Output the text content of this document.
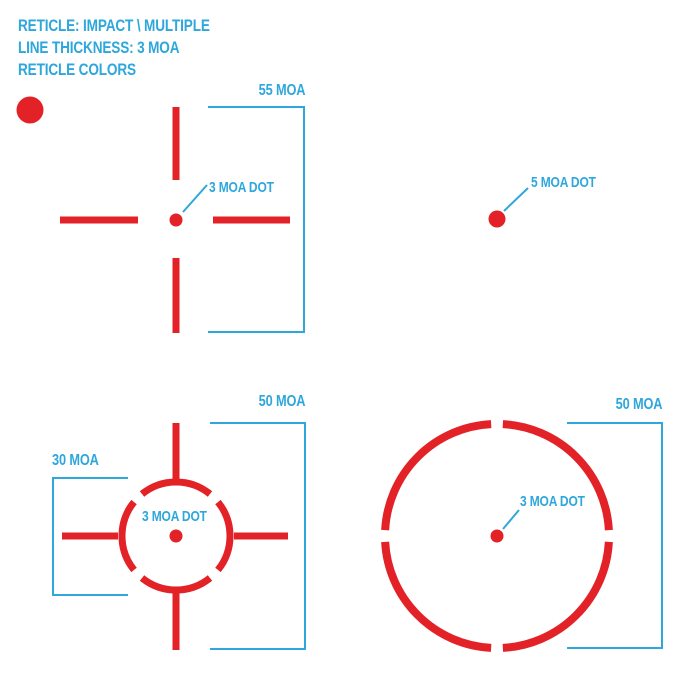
RETICLE: IMPACT \ MULTIPLE
LINE THICKNESS: 3 MOA
RETICLE COLORS
55 MOA
3 MOA DOT	5 MOA DOT
50 MOA
30 MOA
3 MOA DOT
50 MOA
3 MOA DOT
